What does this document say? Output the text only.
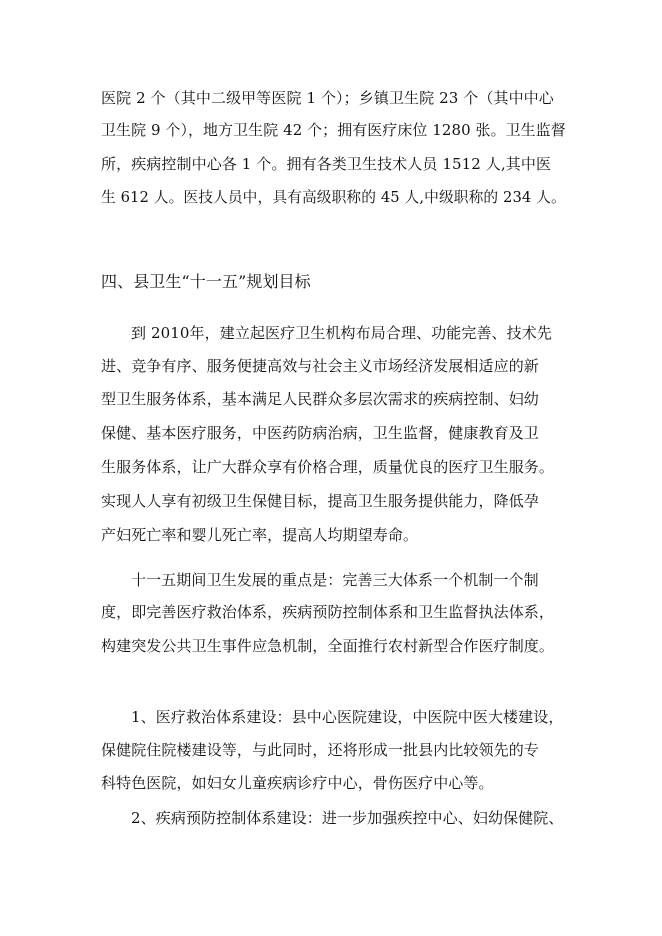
医院 2 个（其中二级甲等医院 1 个）；乡镇卫生院 23 个（其中中心

卫生院 9 个），地方卫生院 42 个；拥有医疗床位 1280 张。卫生监督

所，疾病控制中心各 1 个。拥有各类卫生技术人员 1512 人,其中医

生 612 人。医技人员中，具有高级职称的 45 人,中级职称的 234 人。

四、县卫生“十一五”规划目标

到 2010年，建立起医疗卫生机构布局合理、功能完善、技术先

进、竞争有序、服务便捷高效与社会主义市场经济发展相适应的新

型卫生服务体系，基本满足人民群众多层次需求的疾病控制、妇幼

保健、基本医疗服务，中医药防病治病，卫生监督，健康教育及卫

生服务体系，让广大群众享有价格合理，质量优良的医疗卫生服务。

实现人人享有初级卫生保健目标，提高卫生服务提供能力，降低孕

产妇死亡率和婴儿死亡率，提高人均期望寿命。

十一五期间卫生发展的重点是：完善三大体系一个机制一个制

度，即完善医疗救治体系，疾病预防控制体系和卫生监督执法体系，

构建突发公共卫生事件应急机制，全面推行农村新型合作医疗制度。

1、医疗救治体系建设：县中心医院建设，中医院中医大楼建设，

保健院住院楼建设等，与此同时，还将形成一批县内比较领先的专

科特色医院，如妇女儿童疾病诊疗中心，骨伤医疗中心等。

2、疾病预防控制体系建设：进一步加强疾控中心、妇幼保健院、
